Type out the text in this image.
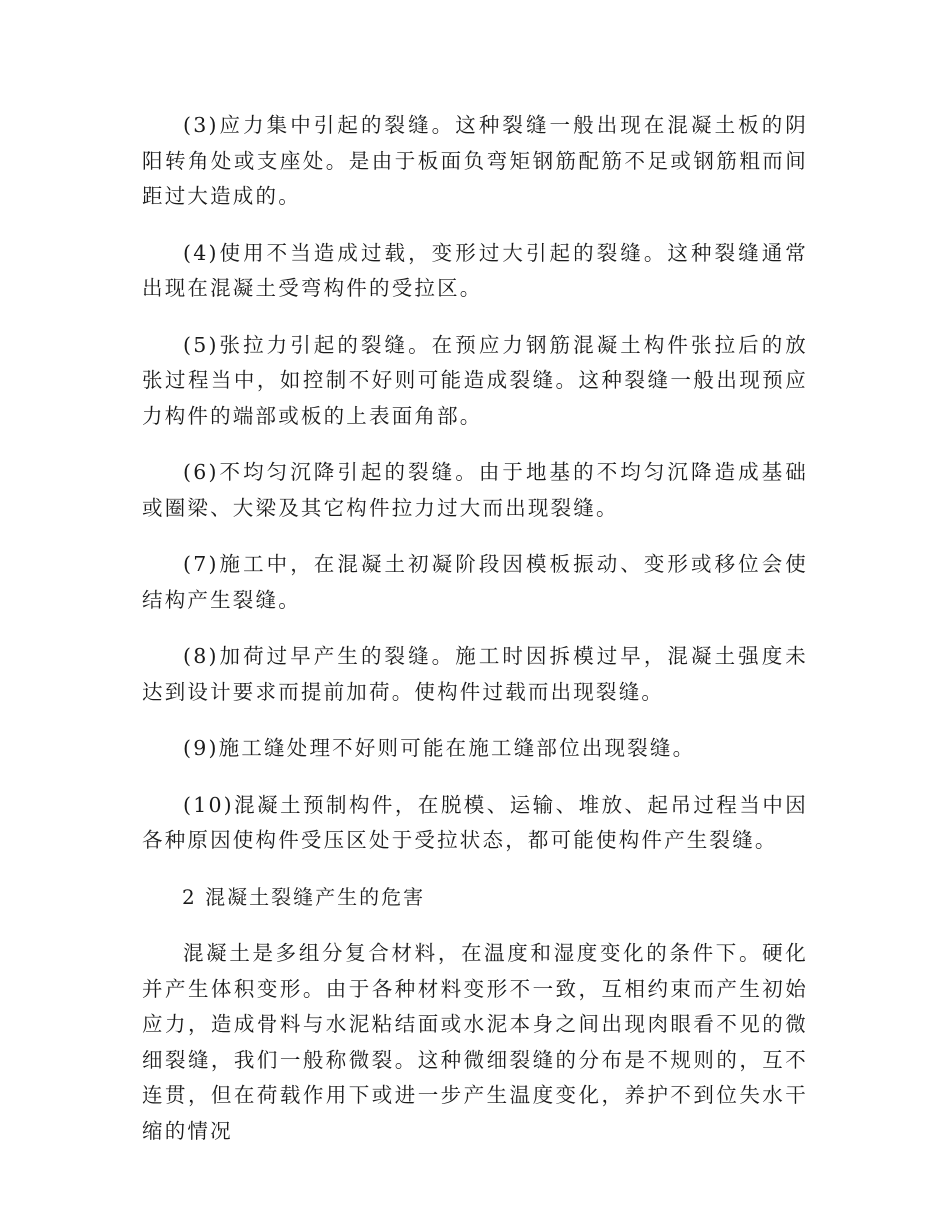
(3)应力集中引起的裂缝。这种裂缝一般出现在混凝土板的阴阳转角处或支座处。是由于板面负弯矩钢筋配筋不足或钢筋粗而间距过大造成的。

(4)使用不当造成过载，变形过大引起的裂缝。这种裂缝通常出现在混凝土受弯构件的受拉区。

(5)张拉力引起的裂缝。在预应力钢筋混凝土构件张拉后的放张过程当中，如控制不好则可能造成裂缝。这种裂缝一般出现预应力构件的端部或板的上表面角部。

(6)不均匀沉降引起的裂缝。由于地基的不均匀沉降造成基础或圈梁、大梁及其它构件拉力过大而出现裂缝。

(7)施工中，在混凝土初凝阶段因模板振动、变形或移位会使结构产生裂缝。

(8)加荷过早产生的裂缝。施工时因拆模过早，混凝土强度未达到设计要求而提前加荷。使构件过载而出现裂缝。

(9)施工缝处理不好则可能在施工缝部位出现裂缝。

(10)混凝土预制构件，在脱模、运输、堆放、起吊过程当中因各种原因使构件受压区处于受拉状态，都可能使构件产生裂缝。

2 混凝土裂缝产生的危害

混凝土是多组分复合材料，在温度和湿度变化的条件下。硬化并产生体积变形。由于各种材料变形不一致，互相约束而产生初始应力，造成骨料与水泥粘结面或水泥本身之间出现肉眼看不见的微细裂缝，我们一般称微裂。这种微细裂缝的分布是不规则的，互不连贯，但在荷载作用下或进一步产生温度变化，养护不到位失水干缩的情况
